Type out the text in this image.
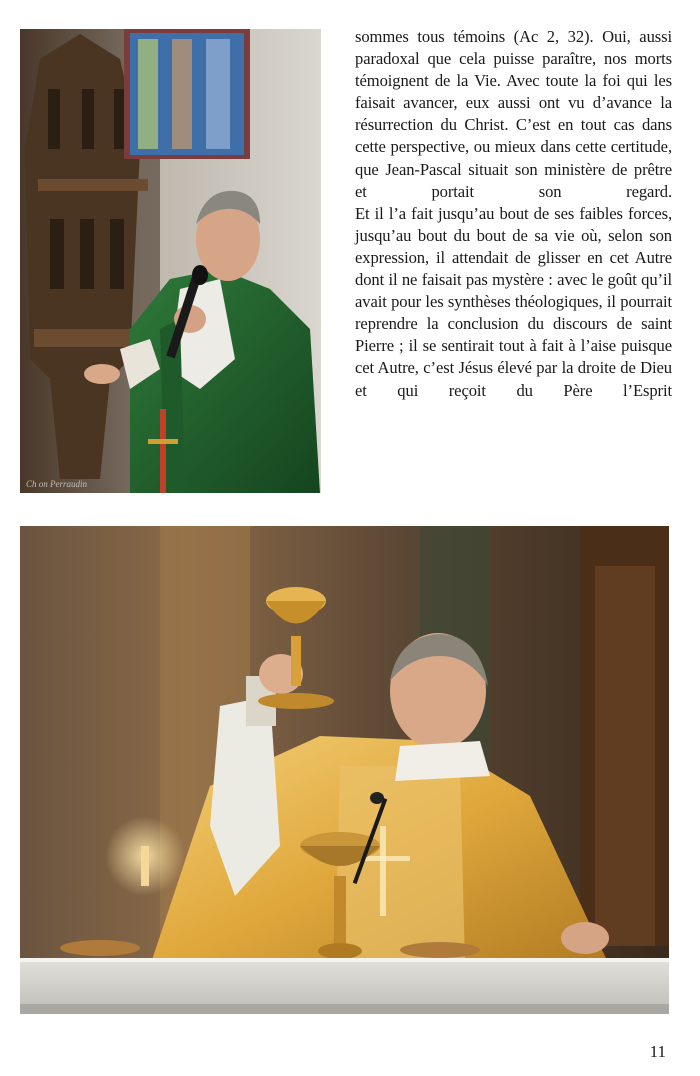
Ch on Perraudin

sommes tous témoins (Ac 2, 32). Oui, aussi paradoxal que cela puisse paraître, nos morts témoignent de la Vie. Avec toute la foi qui les faisait avancer, eux aussi ont vu d’avance la résurrection du Christ. C’est en tout cas dans cette perspective, ou mieux dans cette certitude, que Jean-Pascal situait son ministère de prêtre et portait son regard.

Et il l’a fait jusqu’au bout de ses faibles forces, jusqu’au bout du bout de sa vie où, selon son expression, il attendait de glisser en cet Autre dont il ne faisait pas mystère : avec le goût qu’il avait pour les synthèses théologiques, il pourrait reprendre la conclusion du discours de saint Pierre ; il se sentirait tout à fait à l’aise puisque cet Autre, c’est Jésus élevé par la droite de Dieu et qui reçoit du Père l’Esprit

11
